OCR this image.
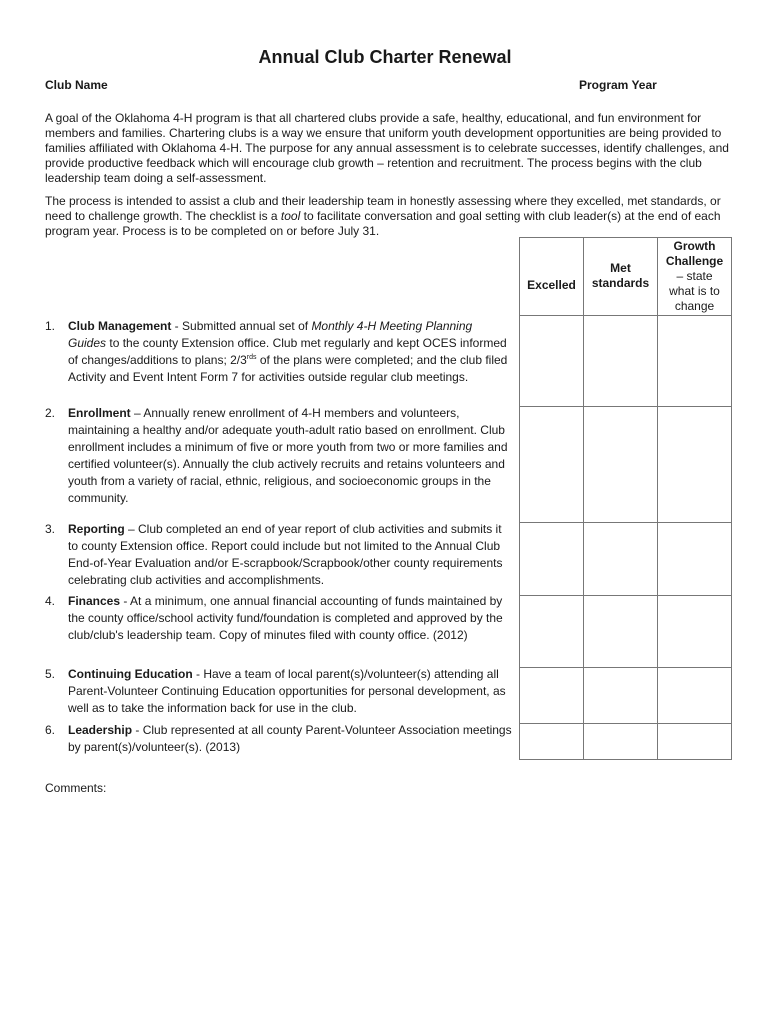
Annual Club Charter Renewal
Club Name	Program Year

A goal of the Oklahoma 4-H program is that all chartered clubs provide a safe, healthy, educational, and fun environment for members and families. Chartering clubs is a way we ensure that uniform youth development opportunities are being provided to families affiliated with Oklahoma 4-H. The purpose for any annual assessment is to celebrate successes, identify challenges, and provide productive feedback which will encourage club growth – retention and recruitment. The process begins with the club leadership team doing a self-assessment.

The process is intended to assist a club and their leadership team in honestly assessing where they excelled, met standards, or need to challenge growth. The checklist is a tool to facilitate conversation and goal setting with club leader(s) at the end of each program year. Process is to be completed on or before July 31.

Excelled
Met
standards
Growth
Challenge
– state
what is to
change
1. Club Management - Submitted annual set of Monthly 4-H Meeting Planning Guides to the county Extension office. Club met regularly and kept OCES informed of changes/additions to plans; $2/3^{rds}$ of the plans were completed; and the club filed Activity and Event Intent Form 7 for activities outside regular club meetings.
2. Enrollment – Annually renew enrollment of 4-H members and volunteers, maintaining a healthy and/or adequate youth-adult ratio based on enrollment. Club enrollment includes a minimum of five or more youth from two or more families and certified volunteer(s). Annually the club actively recruits and retains volunteers and youth from a variety of racial, ethnic, religious, and socioeconomic groups in the community.
3. Reporting – Club completed an end of year report of club activities and submits it to county Extension office. Report could include but not limited to the Annual Club End-of-Year Evaluation and/or E-scrapbook/Scrapbook/other county requirements celebrating club activities and accomplishments.
4. Finances - At a minimum, one annual financial accounting of funds maintained by the county office/school activity fund/foundation is completed and approved by the club/club's leadership team. Copy of minutes filed with county office. (2012)
5. Continuing Education - Have a team of local parent(s)/volunteer(s) attending all Parent-Volunteer Continuing Education opportunities for personal development, as well as to take the information back for use in the club.
6. Leadership - Club represented at all county Parent-Volunteer Association meetings by parent(s)/volunteer(s). (2013)
Comments:
